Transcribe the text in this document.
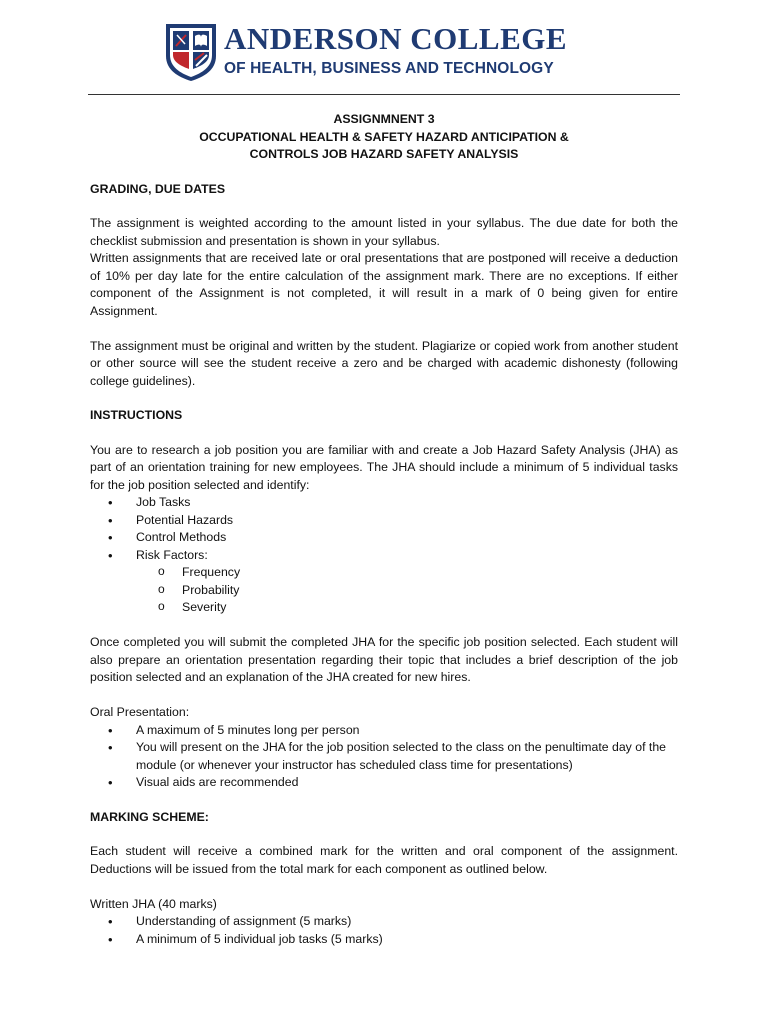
ANDERSON COLLEGE
OF HEALTH, BUSINESS AND TECHNOLOGY
ASSIGNMNENT 3
OCCUPATIONAL HEALTH & SAFETY HAZARD ANTICIPATION &
CONTROLS JOB HAZARD SAFETY ANALYSIS
GRADING, DUE DATES

The assignment is weighted according to the amount listed in your syllabus. The due date for both the checklist submission and presentation is shown in your syllabus.

Written assignments that are received late or oral presentations that are postponed will receive a deduction of 10% per day late for the entire calculation of the assignment mark. There are no exceptions. If either component of the Assignment is not completed, it will result in a mark of 0 being given for entire Assignment.

The assignment must be original and written by the student. Plagiarize or copied work from another student or other source will see the student receive a zero and be charged with academic dishonesty (following college guidelines).

INSTRUCTIONS

You are to research a job position you are familiar with and create a Job Hazard Safety Analysis (JHA) as part of an orientation training for new employees. The JHA should include a minimum of 5 individual tasks for the job position selected and identify:

• Job Tasks
• Potential Hazards
• Control Methods
• Risk Factors:
o Frequency
o Probability
o Severity

Once completed you will submit the completed JHA for the specific job position selected. Each student will also prepare an orientation presentation regarding their topic that includes a brief description of the job position selected and an explanation of the JHA created for new hires.

Oral Presentation:
• A maximum of 5 minutes long per person
• You will present on the JHA for the job position selected to the class on the penultimate day of the module (or whenever your instructor has scheduled class time for presentations)
• Visual aids are recommended
MARKING SCHEME:

Each student will receive a combined mark for the written and oral component of the assignment. Deductions will be issued from the total mark for each component as outlined below.

Written JHA (40 marks)
• Understanding of assignment (5 marks)
• A minimum of 5 individual job tasks (5 marks)
